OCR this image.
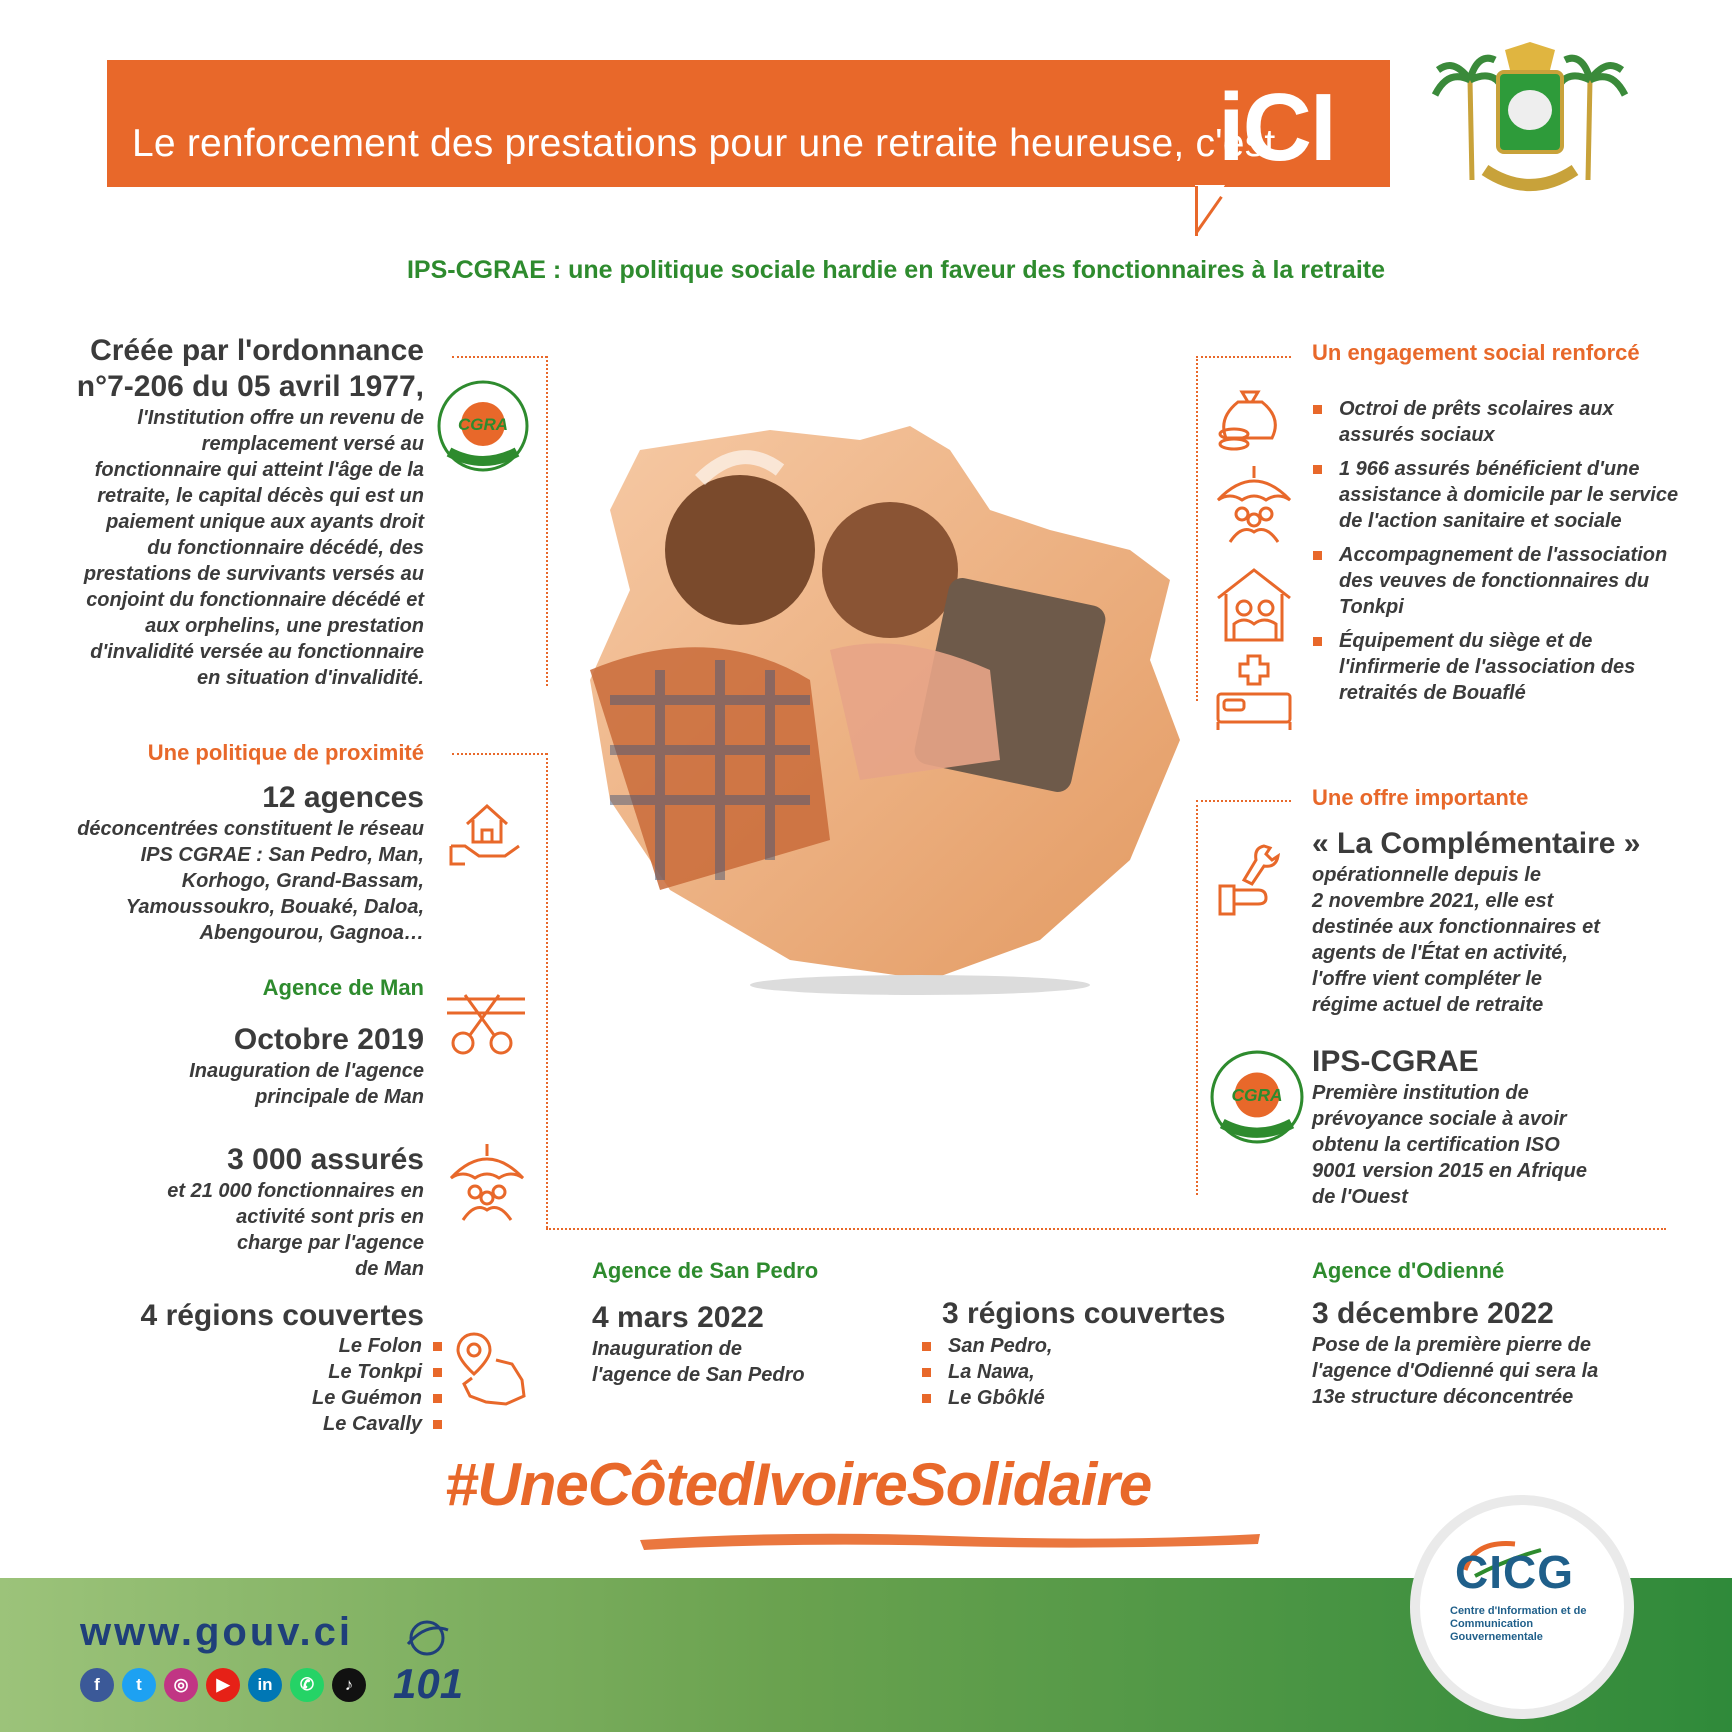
Le renforcement des prestations pour une retraite heureuse, c'est
iCI
IPS-CGRAE : une politique sociale hardie en faveur des fonctionnaires à la retraite
Créée par l'ordonnance
n°7-206 du 05 avril 1977,
l'Institution offre un revenu de
remplacement versé au
fonctionnaire qui atteint l'âge de la
retraite, le capital décès qui est un
paiement unique aux ayants droit
du fonctionnaire décédé, des
prestations de survivants versés au
conjoint du fonctionnaire décédé et
aux orphelins, une prestation
d'invalidité versée au fonctionnaire
en situation d'invalidité.
CGRA
Une politique de proximité
12 agences
déconcentrées constituent le réseau
IPS CGRAE : San Pedro, Man,
Korhogo, Grand-Bassam,
Yamoussoukro, Bouaké, Daloa,
Abengourou, Gagnoa…
Agence de Man
Octobre 2019
Inauguration de l'agence
principale de Man
3 000 assurés
et 21 000 fonctionnaires en
activité sont pris en
charge par l'agence
de Man
4 régions couvertes
Le Folon
Le Tonkpi
Le Guémon
Le Cavally
Un engagement social renforcé
Octroi de prêts scolaires aux assurés sociaux
1 966 assurés bénéficient d'une assistance à domicile par le service de l'action sanitaire et sociale
Accompagnement de l'association des veuves de fonctionnaires du Tonkpi
Équipement du siège et de l'infirmerie de l'association des retraités de Bouaflé
Une offre importante
« La Complémentaire »
opérationnelle depuis le
2 novembre 2021, elle est
destinée aux fonctionnaires et
agents de l'État en activité,
l'offre vient compléter le
régime actuel de retraite
CGRA
IPS-CGRAE
Première institution de
prévoyance sociale à avoir
obtenu la certification ISO
9001 version 2015 en Afrique
de l'Ouest
Agence de San Pedro
4 mars 2022
Inauguration de
l'agence de San Pedro
3 régions couvertes
San Pedro,
La Nawa,
Le Gbôklé
Agence d'Odienné
3 décembre 2022
Pose de la première pierre de
l'agence d'Odienné qui sera la
13e structure déconcentrée
#UneCôtedIvoireSolidaire
www.gouv.ci
f	t	◎	▶	in	✆	♪ 101
CICG
Centre d'Information et de Communication Gouvernementale
